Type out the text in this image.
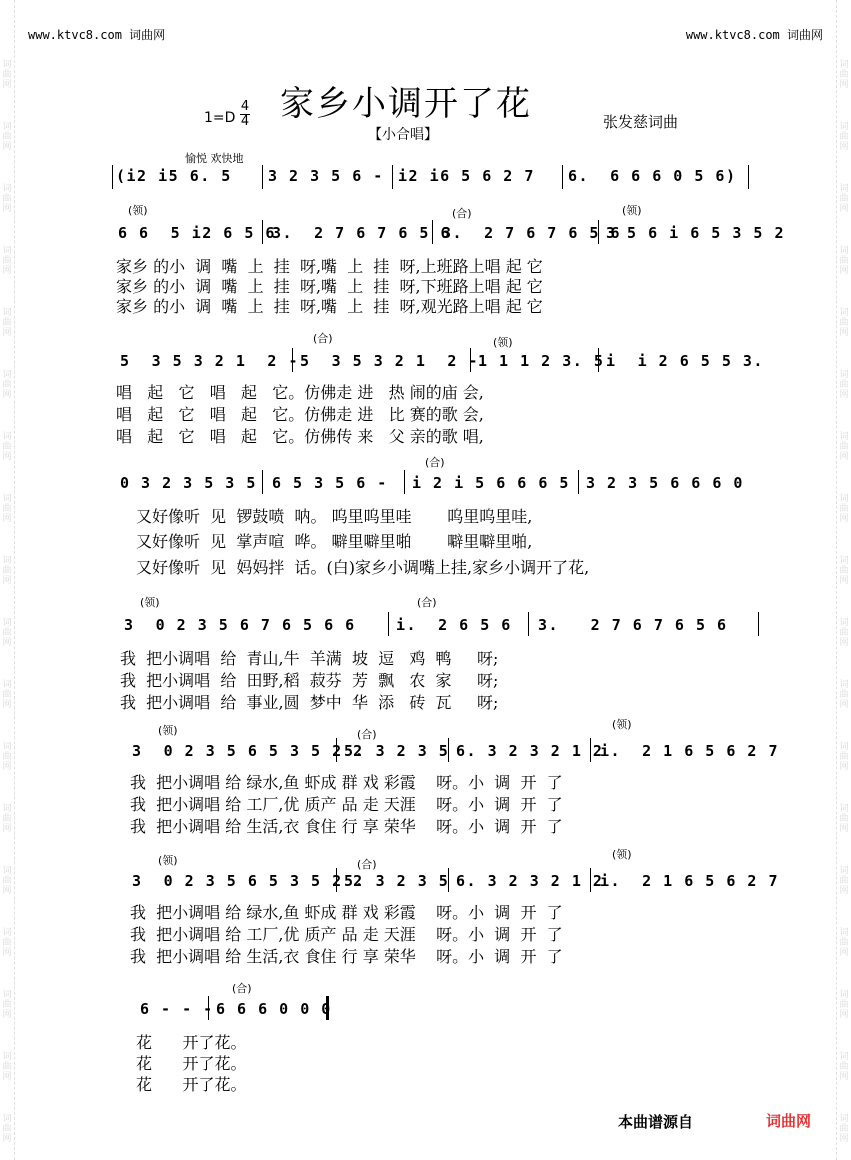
词曲网
词曲网
词曲网
词曲网
词曲网
词曲网
词曲网
词曲网
词曲网
词曲网
词曲网
词曲网
词曲网
词曲网
词曲网
词曲网
词曲网
词曲网
词曲网
词曲网
词曲网
词曲网
词曲网
词曲网
词曲网
词曲网
词曲网
词曲网
词曲网
词曲网
词曲网
词曲网
词曲网
词曲网
词曲网
词曲网
www.ktvc8.com 词曲网	www.ktvc8.com 词曲网
家乡小调开了花
$1=D \frac{4}{4}$
【小合唱】
张发慈词曲
愉悦 欢快地
(i2 i5 6. 5 3 2 3 5 6 - i2 i6 5 6 2 7 6.  6 6 6 0 5 6)
(领)	(合)	(领)
6 6  5 i2 6 5 6
3.  2 7 6 7 6 5 6
3.  2 7 6 7 6 5 6
3 5 6 i 6 5 3 5 2
家乡 的小  调  嘴  上  挂  呀,嘴  上  挂  呀,上班路上唱 起 它
家乡 的小  调  嘴  上  挂  呀,嘴  上  挂  呀,下班路上唱 起 它
家乡 的小  调  嘴  上  挂  呀,嘴  上  挂  呀,观光路上唱 起 它
(合)	(领)
5  3 5 3 2 1  2 - 5  3 5 3 2 1  2 -
1 1 1 2 3. 5 i  i 2 6 5 5 3.
唱   起   它   唱   起   它。仿佛走 进   热 闹的庙 会,
唱   起   它   唱   起   它。仿佛走 进   比 赛的歌 会,
唱   起   它   唱   起   它。仿佛传 来   父 亲的歌 唱,
(合)
0 3 2 3 5 3 5 6 5 3 5 6 - i 2 i 5 6 6 6 5 3 2 3 5 6 6 6 0
又好像听  见  锣鼓喷  呐。 呜里呜里哇       呜里呜里哇,
又好像听  见  掌声喧  哗。 噼里噼里啪       噼里噼里啪,
又好像听  见  妈妈拌  话。(白)家乡小调嘴上挂,家乡小调开了花,
(领)	(合)
3  0 2 3 5 6 7 6 5 6 6	i.  2 6 5 6 3.   2 7 6 7 6 5 6
我  把小调唱  给  青山,牛  羊满  坡  逗   鸡  鸭     呀;
我  把小调唱  给  田野,稻  菽芬  芳  飘   农  家     呀;
我  把小调唱  给  事业,圆  梦中  华  添   砖  瓦     呀;
(领)	(合)
(领)
3  0 2 3 5 6 5 3 5 2 2
5. 3 2 3 5 6. 3 2 3 2 1 2
i.  2 1 6 5 6 2 7
我  把小调唱 给 绿水,鱼 虾成 群 戏 彩霞    呀。小  调  开  了
我  把小调唱 给 工厂,优 质产 品 走 天涯    呀。小  调  开  了
我  把小调唱 给 生活,衣 食住 行 享 荣华    呀。小  调  开  了
(领)	(合)
(领)
3  0 2 3 5 6 5 3 5 2 2
5. 3 2 3 5 6. 3 2 3 2 1 2
i.  2 1 6 5 6 2 7
我  把小调唱 给 绿水,鱼 虾成 群 戏 彩霞    呀。小  调  开  了
我  把小调唱 给 工厂,优 质产 品 走 天涯    呀。小  调  开  了
我  把小调唱 给 生活,衣 食住 行 享 荣华    呀。小  调  开  了
(合)
6 - - - 6 6 6 0 0 0
花      开了花。
花      开了花。
花      开了花。
本曲谱源自	词曲网
